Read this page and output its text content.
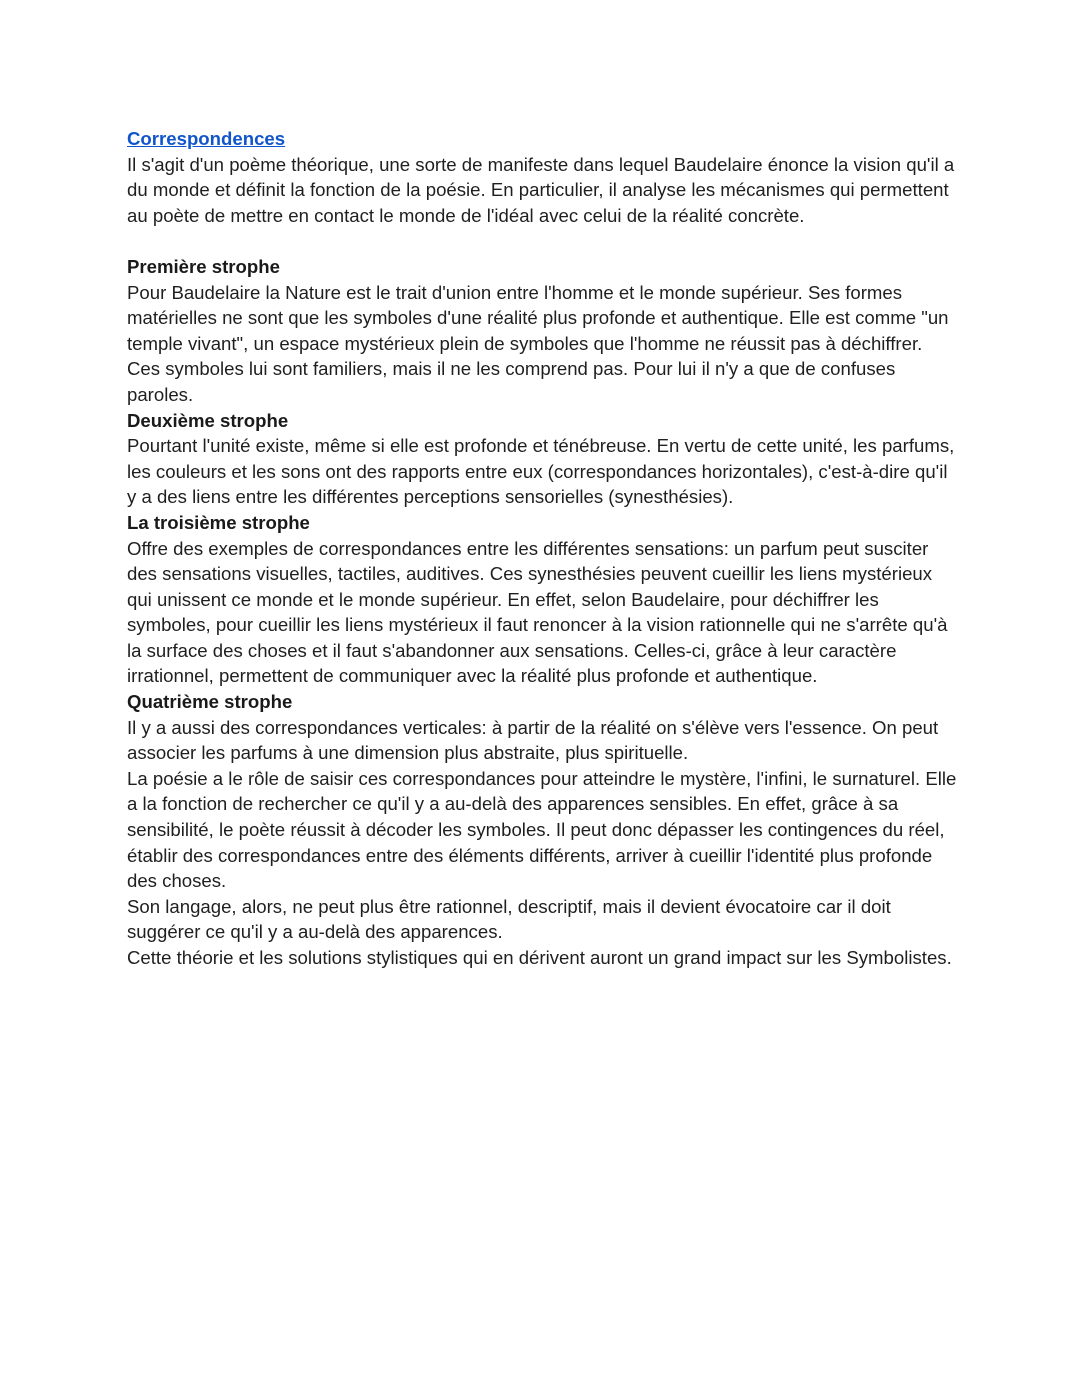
Correspondences

Il s'agit d'un poème théorique, une sorte de manifeste dans lequel Baudelaire énonce la vision qu'il a du monde et définit la fonction de la poésie. En particulier, il analyse les mécanismes qui permettent au poète de mettre en contact le monde de l'idéal avec celui de la réalité concrète.

Première strophe

Pour Baudelaire la Nature est le trait d'union entre l'homme et le monde supérieur. Ses formes matérielles ne sont que les symboles d'une réalité plus profonde et authentique. Elle est comme "un temple vivant", un espace mystérieux plein de symboles que l'homme ne réussit pas à déchiffrer. Ces symboles lui sont familiers, mais il ne les comprend pas. Pour lui il n'y a que de confuses paroles.

Deuxième strophe

Pourtant l'unité existe, même si elle est profonde et ténébreuse. En vertu de cette unité, les parfums, les couleurs et les sons ont des rapports entre eux (correspondances horizontales), c'est-à-dire qu'il y a des liens entre les différentes perceptions sensorielles (synesthésies).

La troisième strophe

Offre des exemples de correspondances entre les différentes sensations: un parfum peut susciter des sensations visuelles, tactiles, auditives. Ces synesthésies peuvent cueillir les liens mystérieux qui unissent ce monde et le monde supérieur. En effet, selon Baudelaire, pour déchiffrer les symboles, pour cueillir les liens mystérieux il faut renoncer à la vision rationnelle qui ne s'arrête qu'à la surface des choses et il faut s'abandonner aux sensations. Celles-ci, grâce à leur caractère irrationnel, permettent de communiquer avec la réalité plus profonde et authentique.

Quatrième strophe

Il y a aussi des correspondances verticales: à partir de la réalité on s'élève vers l'essence. On peut associer les parfums à une dimension plus abstraite, plus spirituelle.

La poésie a le rôle de saisir ces correspondances pour atteindre le mystère, l'infini, le surnaturel. Elle a la fonction de rechercher ce qu'il y a au-delà des apparences sensibles. En effet, grâce à sa sensibilité, le poète réussit à décoder les symboles. Il peut donc dépasser les contingences du réel, établir des correspondances entre des éléments différents, arriver à cueillir l'identité plus profonde des choses.

Son langage, alors, ne peut plus être rationnel, descriptif, mais il devient évocatoire car il doit suggérer ce qu'il y a au-delà des apparences.

Cette théorie et les solutions stylistiques qui en dérivent auront un grand impact sur les Symbolistes.
